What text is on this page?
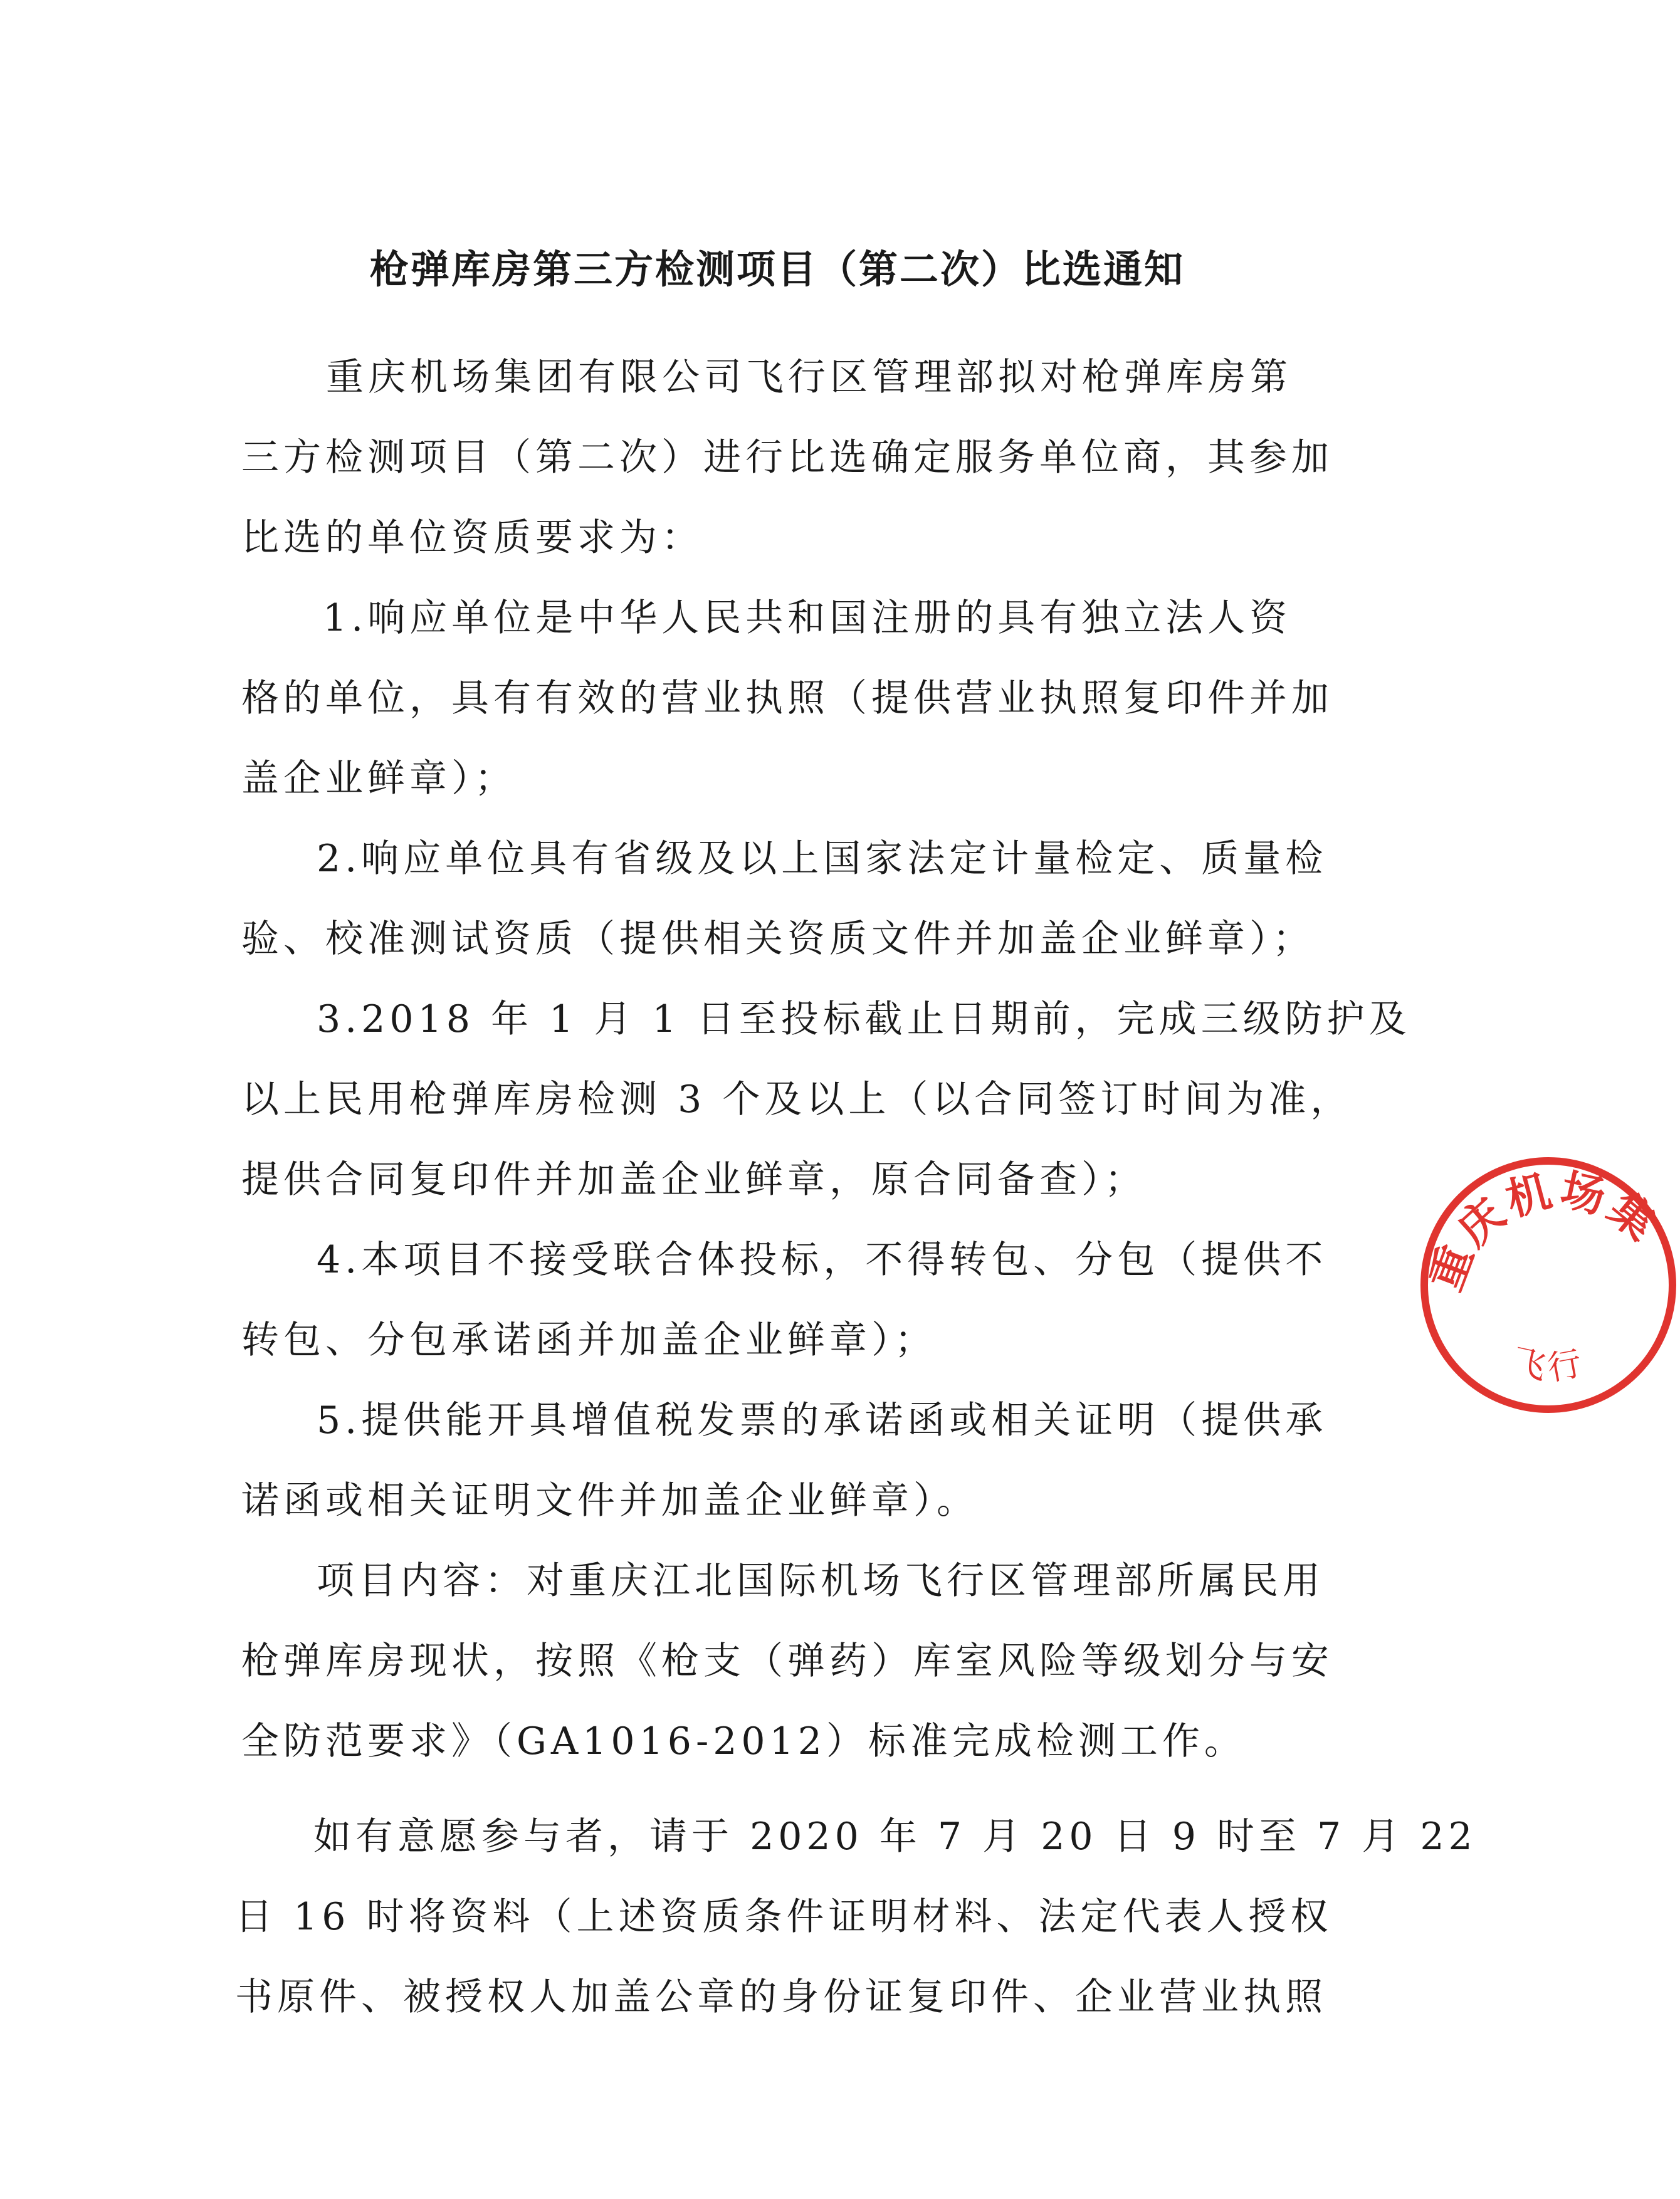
枪弹库房第三方检测项目（第二次）比选通知
重庆机场集团有限公司飞行区管理部拟对枪弹库房第
三方检测项目（第二次）进行比选确定服务单位商，其参加
比选的单位资质要求为：
1.响应单位是中华人民共和国注册的具有独立法人资
格的单位，具有有效的营业执照（提供营业执照复印件并加
盖企业鲜章）；
2.响应单位具有省级及以上国家法定计量检定、质量检
验、校准测试资质（提供相关资质文件并加盖企业鲜章）；
3.2018 年 1 月 1 日至投标截止日期前，完成三级防护及
以上民用枪弹库房检测 3 个及以上（以合同签订时间为准，
提供合同复印件并加盖企业鲜章，原合同备查）；
4.本项目不接受联合体投标，不得转包、分包（提供不
转包、分包承诺函并加盖企业鲜章）；
5.提供能开具增值税发票的承诺函或相关证明（提供承
诺函或相关证明文件并加盖企业鲜章）。
项目内容：对重庆江北国际机场飞行区管理部所属民用
枪弹库房现状，按照《枪支（弹药）库室风险等级划分与安
全防范要求》（GA1016-2012）标准完成检测工作。
如有意愿参与者，请于 2020 年 7 月 20 日 9 时至 7 月 22
日 16 时将资料（上述资质条件证明材料、法定代表人授权
书原件、被授权人加盖公章的身份证复印件、企业营业执照
重庆机场集
飞行
